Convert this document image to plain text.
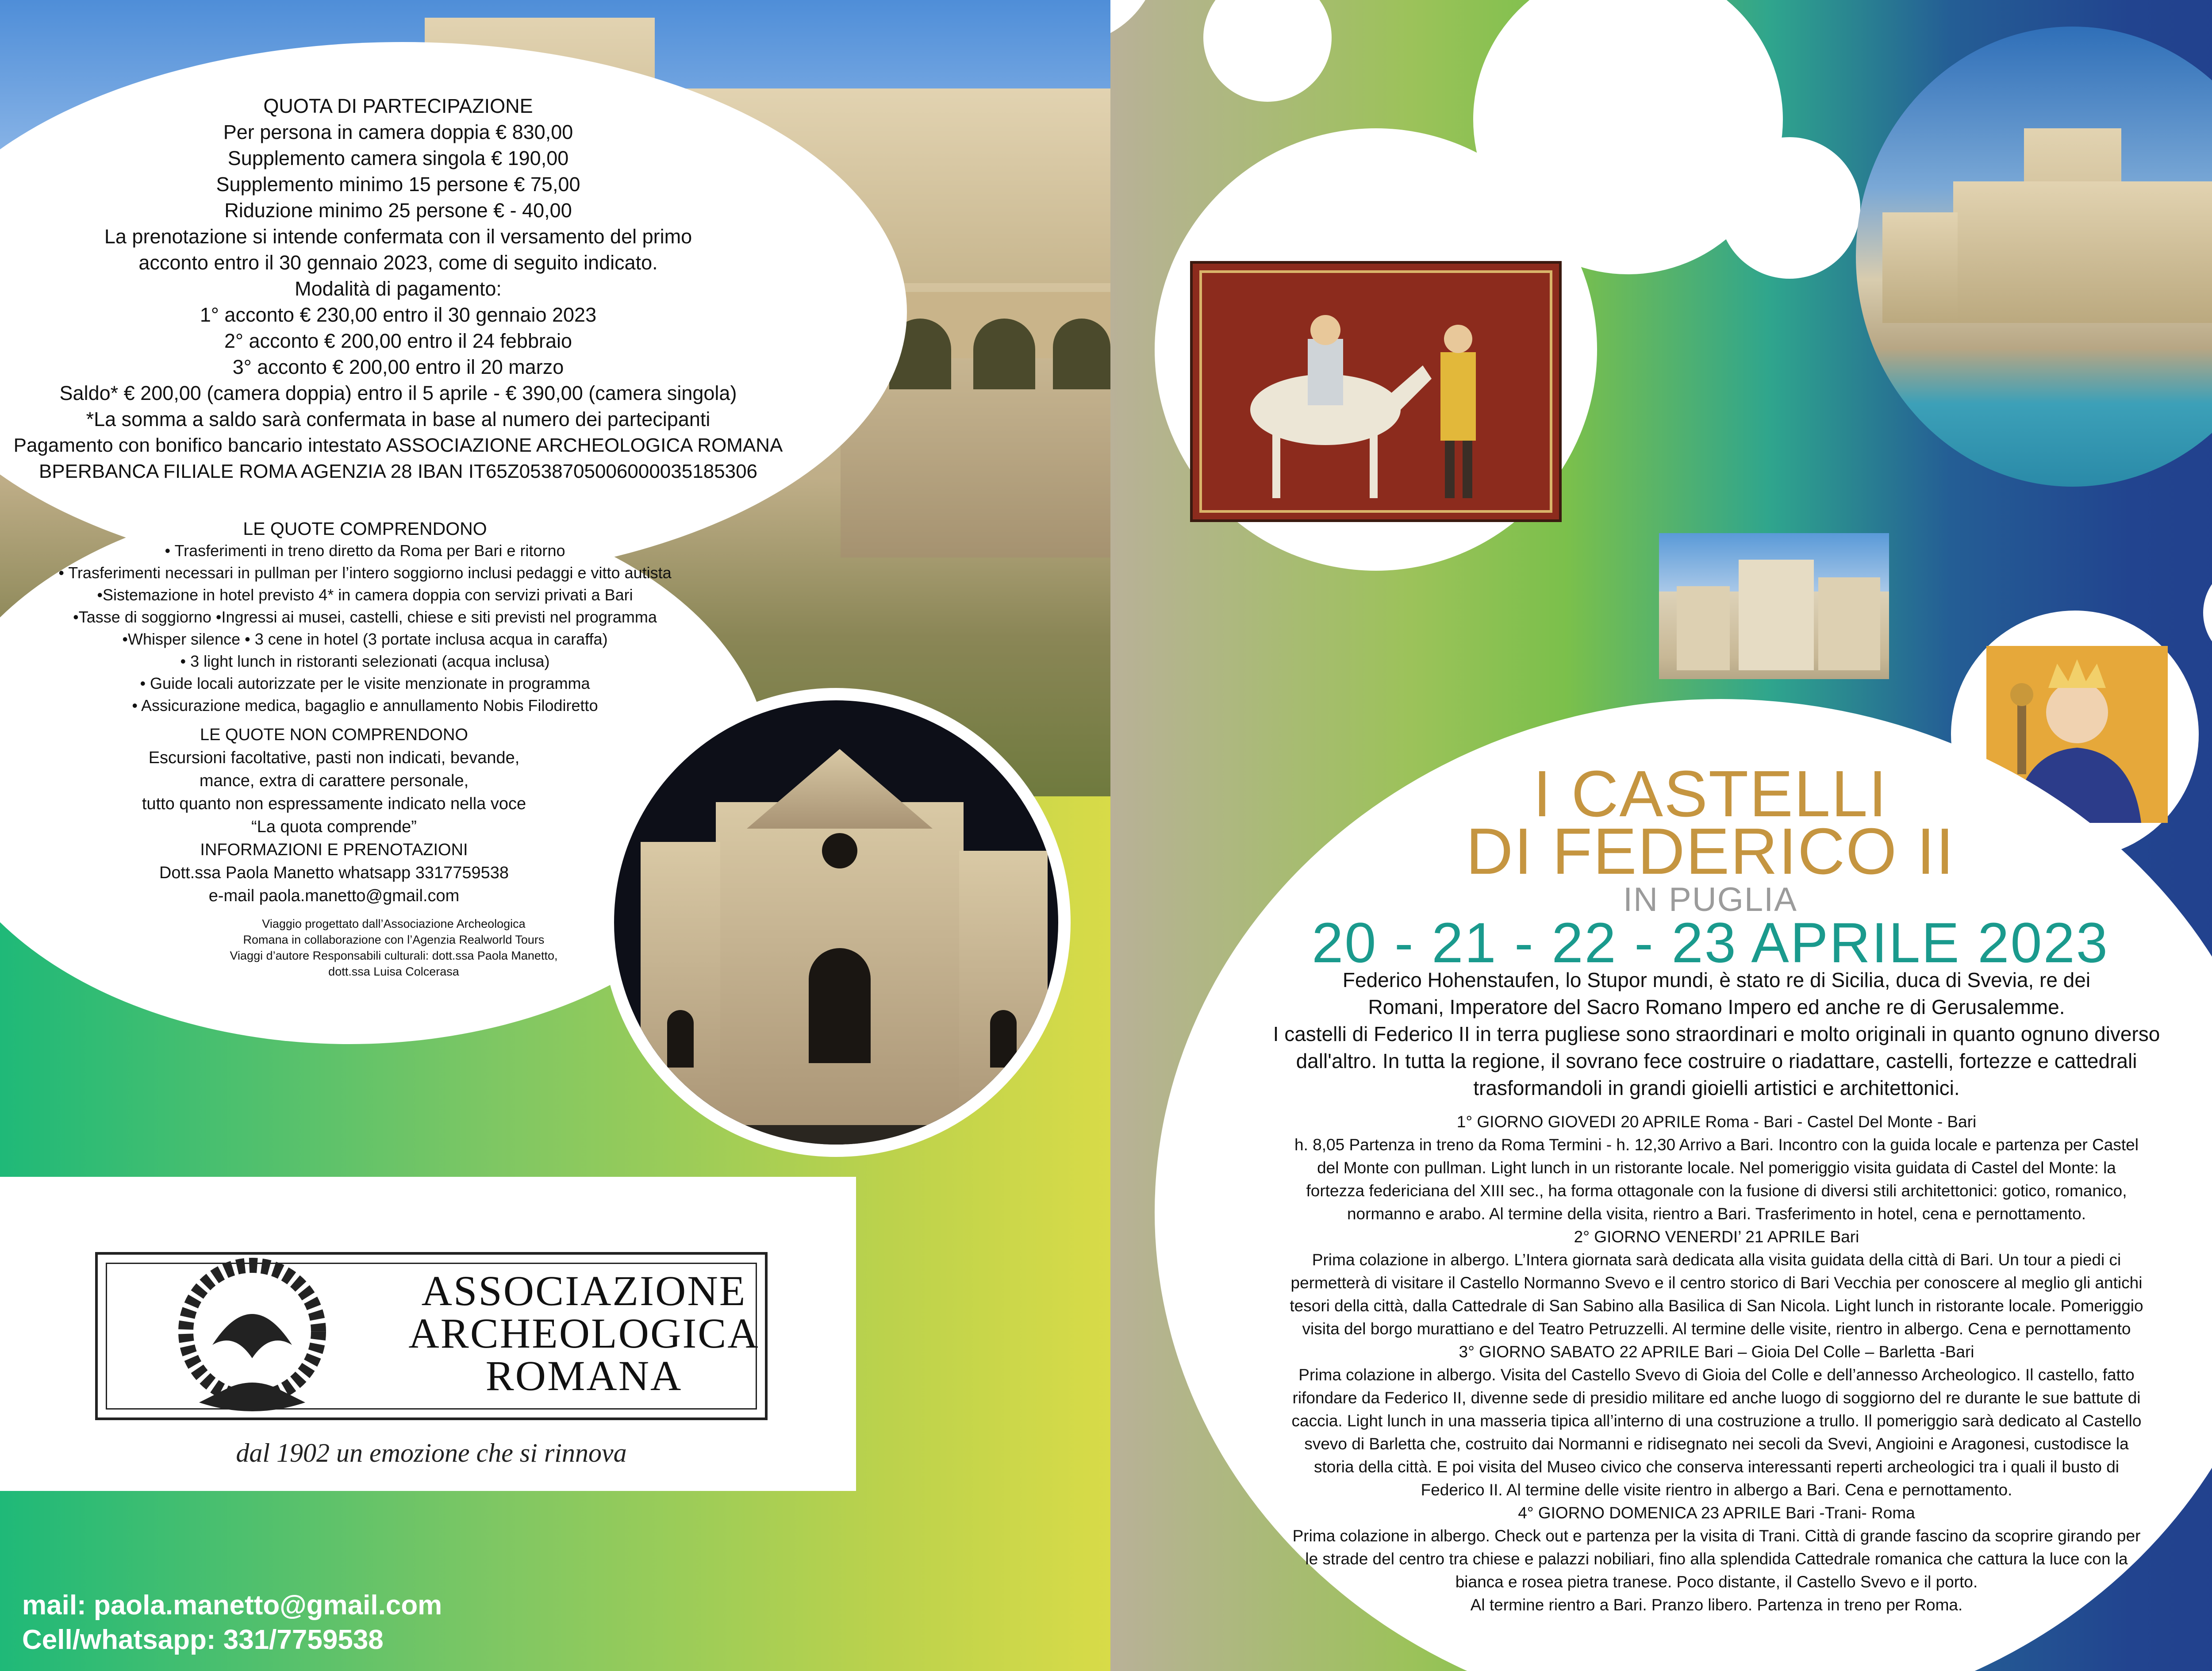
QUOTA DI PARTECIPAZIONE
Per persona in camera doppia € 830,00
Supplemento camera singola € 190,00
Supplemento minimo 15 persone € 75,00
Riduzione minimo 25 persone € - 40,00
La prenotazione si intende confermata con il versamento del primo
acconto entro il 30 gennaio 2023, come di seguito indicato.
Modalità di pagamento:
1° acconto € 230,00 entro il 30 gennaio 2023
2° acconto € 200,00 entro il 24 febbraio
3° acconto € 200,00 entro il 20 marzo
Saldo* € 200,00 (camera doppia) entro il 5 aprile - € 390,00 (camera singola)
*La somma a saldo sarà confermata in base al numero dei partecipanti
Pagamento con bonifico bancario intestato ASSOCIAZIONE ARCHEOLOGICA ROMANA
BPERBANCA FILIALE ROMA AGENZIA 28 IBAN IT65Z0538705006000035185306
LE QUOTE COMPRENDONO
• Trasferimenti in treno diretto da Roma per Bari e ritorno
• Trasferimenti necessari in pullman per l’intero soggiorno inclusi pedaggi e vitto autista
•Sistemazione in hotel previsto 4* in camera doppia con servizi privati a Bari
•Tasse di soggiorno •Ingressi ai musei, castelli, chiese e siti previsti nel programma
•Whisper silence • 3 cene in hotel (3 portate inclusa acqua in caraffa)
• 3 light lunch in ristoranti selezionati (acqua inclusa)
• Guide locali autorizzate per le visite menzionate in programma
• Assicurazione medica, bagaglio e annullamento Nobis Filodiretto
LE QUOTE NON COMPRENDONO
Escursioni facoltative, pasti non indicati, bevande,
mance, extra di carattere personale,
tutto quanto non espressamente indicato nella voce
“La quota comprende”
INFORMAZIONI E PRENOTAZIONI
Dott.ssa Paola Manetto whatsapp 3317759538
e-mail paola.manetto@gmail.com
Viaggio progettato dall’Associazione Archeologica
Romana in collaborazione con l’Agenzia Realworld Tours
Viaggi d’autore Responsabili culturali: dott.ssa Paola Manetto,
dott.ssa Luisa Colcerasa
ASSOCIAZIONE
ARCHEOLOGICA
ROMANA
dal 1902 un emozione che si rinnova
mail: paola.manetto@gmail.com
Cell/whatsapp: 331/7759538
I CASTELLI
DI FEDERICO II
IN PUGLIA
20 - 21 - 22 - 23 APRILE 2023
Federico Hohenstaufen, lo Stupor mundi, è stato re di Sicilia, duca di Svevia, re dei
Romani, Imperatore del Sacro Romano Impero ed anche re di Gerusalemme.
I castelli di Federico II in terra pugliese sono straordinari e molto originali in quanto ognuno diverso
dall'altro. In tutta la regione, il sovrano fece costruire o riadattare, castelli, fortezze e cattedrali
trasformandoli in grandi gioielli artistici e architettonici.
1° GIORNO GIOVEDI 20 APRILE Roma - Bari - Castel Del Monte - Bari
h. 8,05 Partenza in treno da Roma Termini - h. 12,30 Arrivo a Bari. Incontro con la guida locale e partenza per Castel
del Monte con pullman. Light lunch in un ristorante locale. Nel pomeriggio visita guidata di Castel del Monte: la
fortezza federiciana del XIII sec., ha forma ottagonale con la fusione di diversi stili architettonici: gotico, romanico,
normanno e arabo. Al termine della visita, rientro a Bari. Trasferimento in hotel, cena e pernottamento.
2° GIORNO VENERDI’ 21 APRILE Bari
Prima colazione in albergo. L’Intera giornata sarà dedicata alla visita guidata della città di Bari. Un tour a piedi ci
permetterà di visitare il Castello Normanno Svevo e il centro storico di Bari Vecchia per conoscere al meglio gli antichi
tesori della città, dalla Cattedrale di San Sabino alla Basilica di San Nicola. Light lunch in ristorante locale. Pomeriggio
visita del borgo murattiano e del Teatro Petruzzelli. Al termine delle visite, rientro in albergo. Cena e pernottamento
3° GIORNO SABATO 22 APRILE Bari – Gioia Del Colle – Barletta -Bari
Prima colazione in albergo. Visita del Castello Svevo di Gioia del Colle e dell’annesso Archeologico. Il castello, fatto
rifondare da Federico II, divenne sede di presidio militare ed anche luogo di soggiorno del re durante le sue battute di
caccia. Light lunch in una masseria tipica all’interno di una costruzione a trullo. Il pomeriggio sarà dedicato al Castello
svevo di Barletta che, costruito dai Normanni e ridisegnato nei secoli da Svevi, Angioini e Aragonesi, custodisce la
storia della città. E poi visita del Museo civico che conserva interessanti reperti archeologici tra i quali il busto di
Federico II. Al termine delle visite rientro in albergo a Bari. Cena e pernottamento.
4° GIORNO DOMENICA 23 APRILE Bari -Trani- Roma
Prima colazione in albergo. Check out e partenza per la visita di Trani. Città di grande fascino da scoprire girando per
le strade del centro tra chiese e palazzi nobiliari, fino alla splendida Cattedrale romanica che cattura la luce con la
bianca e rosea pietra tranese. Poco distante, il Castello Svevo e il porto.
Al termine rientro a Bari. Pranzo libero. Partenza in treno per Roma.
